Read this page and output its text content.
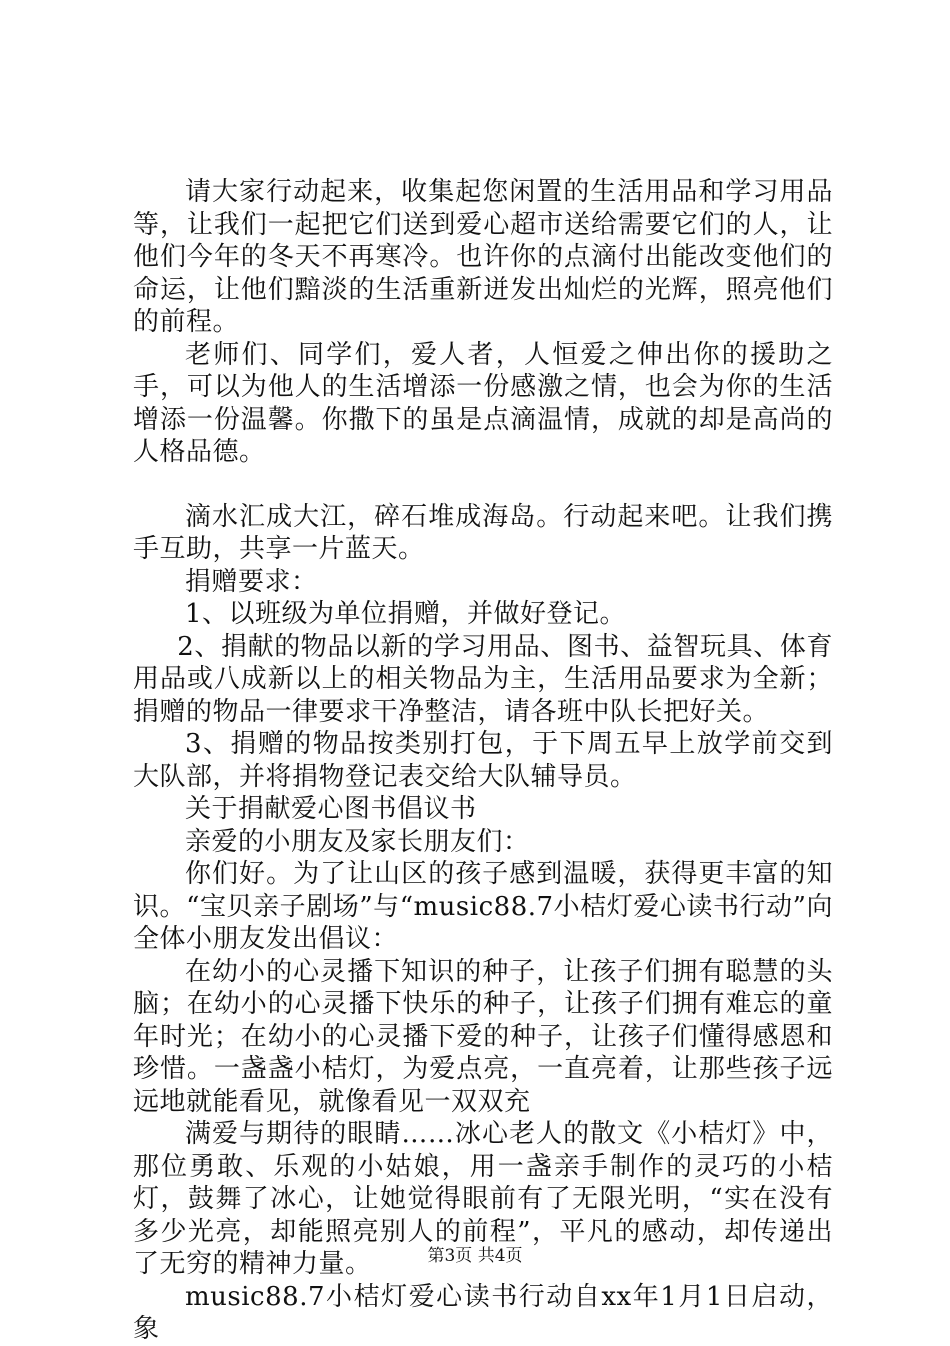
请大家行动起来，收集起您闲置的生活用品和学习用品等，让我们一起把它们送到爱心超市送给需要它们的人，让他们今年的冬天不再寒冷。也许你的点滴付出能改变他们的命运，让他们黯淡的生活重新迸发出灿烂的光辉，照亮他们的前程。

老师们、同学们，爱人者，人恒爱之伸出你的援助之手，可以为他人的生活增添一份感激之情，也会为你的生活增添一份温馨。你撒下的虽是点滴温情，成就的却是高尚的人格品德。

滴水汇成大江，碎石堆成海岛。行动起来吧。让我们携手互助，共享一片蓝天。

捐赠要求：

1、以班级为单位捐赠，并做好登记。

2、捐献的物品以新的学习用品、图书、益智玩具、体育用品或八成新以上的相关物品为主，生活用品要求为全新；捐赠的物品一律要求干净整洁，请各班中队长把好关。

3、捐赠的物品按类别打包，于下周五早上放学前交到大队部，并将捐物登记表交给大队辅导员。

关于捐献爱心图书倡议书

亲爱的小朋友及家长朋友们：

你们好。为了让山区的孩子感到温暖，获得更丰富的知识。“宝贝亲子剧场”与“music88.7小桔灯爱心读书行动”向全体小朋友发出倡议：

在幼小的心灵播下知识的种子，让孩子们拥有聪慧的头脑；在幼小的心灵播下快乐的种子，让孩子们拥有难忘的童年时光；在幼小的心灵播下爱的种子，让孩子们懂得感恩和珍惜。一盏盏小桔灯，为爱点亮，一直亮着，让那些孩子远远地就能看见，就像看见一双双充

满爱与期待的眼睛……冰心老人的散文《小桔灯》中，那位勇敢、乐观的小姑娘，用一盏亲手制作的灵巧的小桔灯，鼓舞了冰心，让她觉得眼前有了无限光明，“实在没有多少光亮，却能照亮别人的前程”，平凡的感动，却传递出了无穷的精神力量。

music88.7小桔灯爱心读书行动自xx年1月1日启动，象

第3页 共4页
